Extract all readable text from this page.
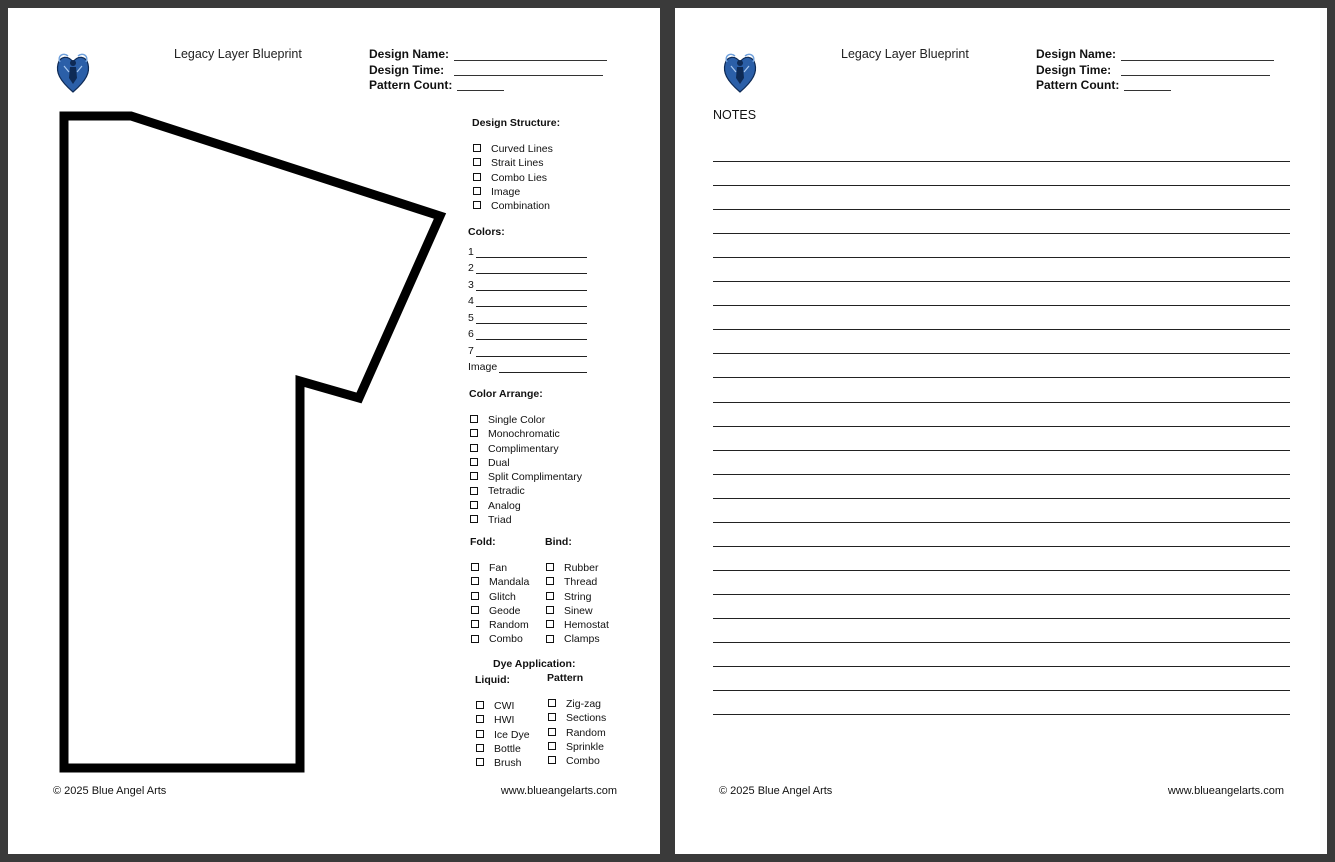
Legacy Layer Blueprint	Design Name:
Design Time:
Pattern Count:
Design Structure:
Curved Lines
Strait Lines
Combo Lies
Image
Combination
Colors:
1
2
3
4
5
6
7
Image
Color Arrange:
Single Color
Monochromatic
Complimentary
Dual
Split Complimentary
Tetradic
Analog
Triad
Fold:
Fan
Mandala
Glitch
Geode
Random
Combo
Bind:
Rubber
Thread
String
Sinew
Hemostat
Clamps
Dye Application:
Liquid:
CWI
HWI
Ice Dye
Bottle
Brush
Pattern
Zig-zag
Sections
Random
Sprinkle
Combo
© 2025 Blue Angel Arts	www.blueangelarts.com
Legacy Layer Blueprint	Design Name:
Design Time:
Pattern Count:
NOTES
© 2025 Blue Angel Arts	www.blueangelarts.com
